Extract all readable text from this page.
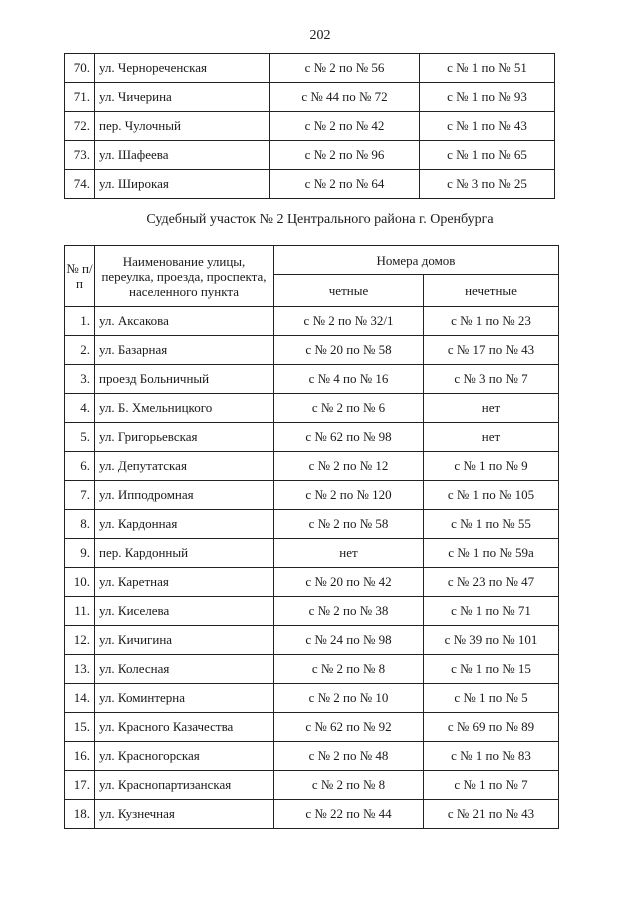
202
70.	ул. Чернореченская	с № 2 по № 56	с № 1 по № 51
71.	ул. Чичерина	с № 44 по № 72	с № 1 по № 93
72.	пер. Чулочный	с № 2 по № 42	с № 1 по № 43
73.	ул. Шафеева	с № 2 по № 96	с № 1 по № 65
74.	ул. Широкая	с № 2 по № 64	с № 3 по № 25
Судебный участок № 2 Центрального района г. Оренбурга
№ п/п	Наименование улицы, переулка, проезда, проспекта, населенного пункта	Номера домов	
		четные	нечетные
1.	ул. Аксакова	с № 2 по № 32/1	с № 1 по № 23
2.	ул. Базарная	с № 20 по № 58	с № 17 по № 43
3.	проезд Больничный	с № 4 по № 16	с № 3 по № 7
4.	ул. Б. Хмельницкого	с № 2 по № 6	нет
5.	ул. Григорьевская	с № 62 по № 98	нет
6.	ул. Депутатская	с № 2 по № 12	с № 1 по № 9
7.	ул. Ипподромная	с № 2 по № 120	с № 1 по № 105
8.	ул. Кардонная	с № 2 по № 58	с № 1 по № 55
9.	пер. Кардонный	нет	с № 1 по № 59а
10.	ул. Каретная	с № 20 по № 42	с № 23 по № 47
11.	ул. Киселева	с № 2 по № 38	с № 1 по № 71
12.	ул. Кичигина	с № 24 по № 98	с № 39 по № 101
13.	ул. Колесная	с № 2 по № 8	с № 1 по № 15
14.	ул. Коминтерна	с № 2 по № 10	с № 1 по № 5
15.	ул. Красного Казачества	с № 62 по № 92	с № 69 по № 89
16.	ул. Красногорская	с № 2 по № 48	с № 1 по № 83
17.	ул. Краснопартизанская	с № 2 по № 8	с № 1 по № 7
18.	ул. Кузнечная	с № 22 по № 44	с № 21 по № 43
